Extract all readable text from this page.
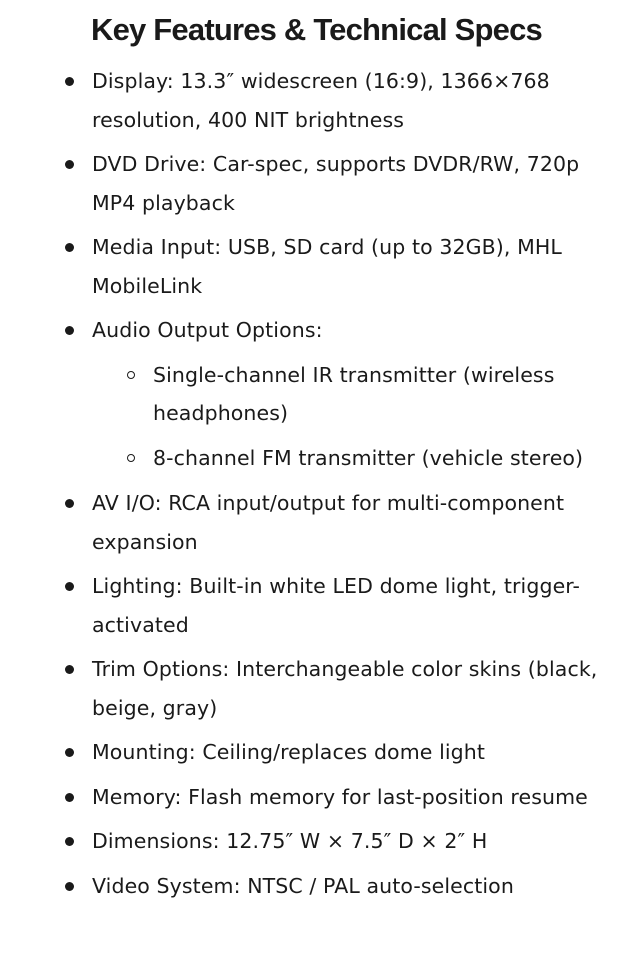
Key Features & Technical Specs
Display: 13.3″ widescreen (16:9), 1366×768 resolution, 400 NIT brightness
DVD Drive: Car-spec, supports DVDR/RW, 720p MP4 playback
Media Input: USB, SD card (up to 32GB), MHL MobileLink
Audio Output Options:
Single-channel IR transmitter (wireless headphones)
8-channel FM transmitter (vehicle stereo)
AV I/O: RCA input/output for multi-component expansion
Lighting: Built-in white LED dome light, trigger-activated
Trim Options: Interchangeable color skins (black, beige, gray)
Mounting: Ceiling/replaces dome light
Memory: Flash memory for last-position resume
Dimensions: 12.75″ W × 7.5″ D × 2″ H
Video System: NTSC / PAL auto-selection
